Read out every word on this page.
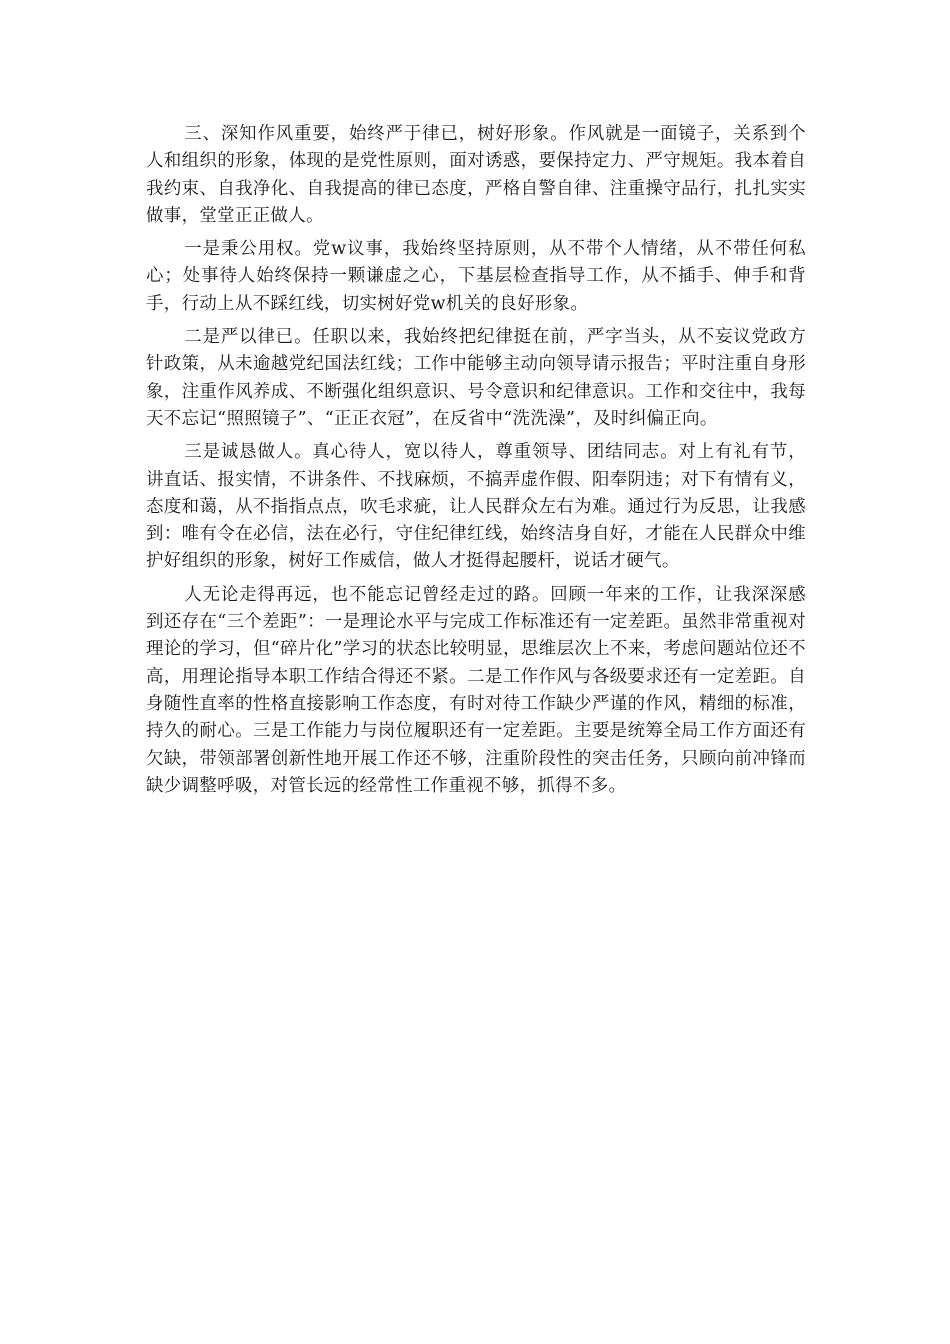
三、深知作风重要，始终严于律已，树好形象。作风就是一面镜子，关系到个人和组织的形象，体现的是党性原则，面对诱惑，要保持定力、严守规矩。我本着自我约束、自我净化、自我提高的律已态度，严格自警自律、注重操守品行，扎扎实实做事，堂堂正正做人。

一是秉公用权。党w议事，我始终坚持原则，从不带个人情绪，从不带任何私心；处事待人始终保持一颗谦虚之心，下基层检查指导工作，从不插手、伸手和背手，行动上从不踩红线，切实树好党w机关的良好形象。

二是严以律已。任职以来，我始终把纪律挺在前，严字当头，从不妄议党政方针政策，从未逾越党纪国法红线；工作中能够主动向领导请示报告；平时注重自身形象，注重作风养成、不断强化组织意识、号令意识和纪律意识。工作和交往中，我每天不忘记“照照镜子”、“正正衣冠”，在反省中“洗洗澡”，及时纠偏正向。

三是诚恳做人。真心待人，宽以待人，尊重领导、团结同志。对上有礼有节，讲直话、报实情，不讲条件、不找麻烦，不搞弄虚作假、阳奉阴违；对下有情有义，态度和蔼，从不指指点点，吹毛求疵，让人民群众左右为难。通过行为反思，让我感到：唯有令在必信，法在必行，守住纪律红线，始终洁身自好，才能在人民群众中维护好组织的形象，树好工作威信，做人才挺得起腰杆，说话才硬气。

人无论走得再远，也不能忘记曾经走过的路。回顾一年来的工作，让我深深感到还存在“三个差距”：一是理论水平与完成工作标准还有一定差距。虽然非常重视对理论的学习，但“碎片化”学习的状态比较明显，思维层次上不来，考虑问题站位还不高，用理论指导本职工作结合得还不紧。二是工作作风与各级要求还有一定差距。自身随性直率的性格直接影响工作态度，有时对待工作缺少严谨的作风，精细的标准，持久的耐心。三是工作能力与岗位履职还有一定差距。主要是统筹全局工作方面还有欠缺，带领部署创新性地开展工作还不够，注重阶段性的突击任务，只顾向前冲锋而缺少调整呼吸，对管长远的经常性工作重视不够，抓得不多。
